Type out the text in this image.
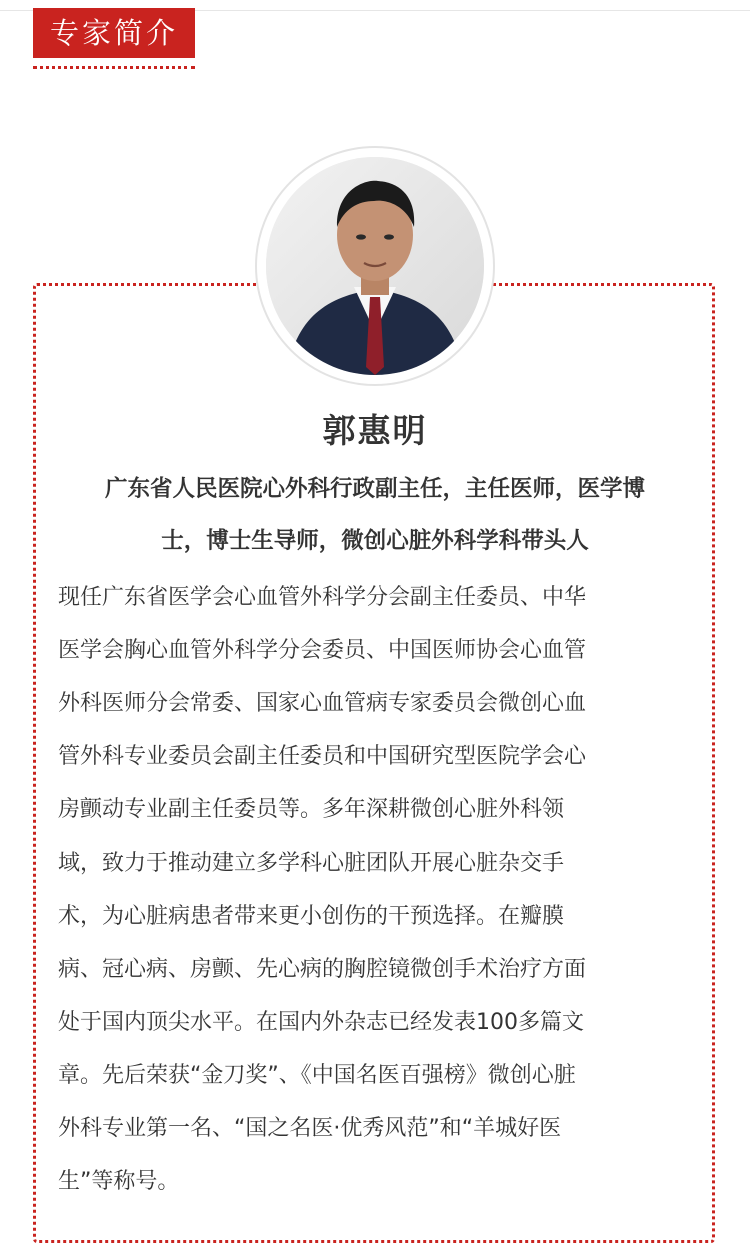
专家简介
郭惠明
广东省人民医院心外科行政副主任，主任医师，医学博
士，博士生导师，微创心脏外科学科带头人

现任广东省医学会心血管外科学分会副主任委员、中华

医学会胸心血管外科学分会委员、中国医师协会心血管

外科医师分会常委、国家心血管病专家委员会微创心血

管外科专业委员会副主任委员和中国研究型医院学会心

房颤动专业副主任委员等。多年深耕微创心脏外科领

域，致力于推动建立多学科心脏团队开展心脏杂交手

术，为心脏病患者带来更小创伤的干预选择。在瓣膜

病、冠心病、房颤、先心病的胸腔镜微创手术治疗方面

处于国内顶尖水平。在国内外杂志已经发表100多篇文

章。先后荣获“金刀奖”、《中国名医百强榜》微创心脏

外科专业第一名、“国之名医·优秀风范”和“羊城好医

生”等称号。
